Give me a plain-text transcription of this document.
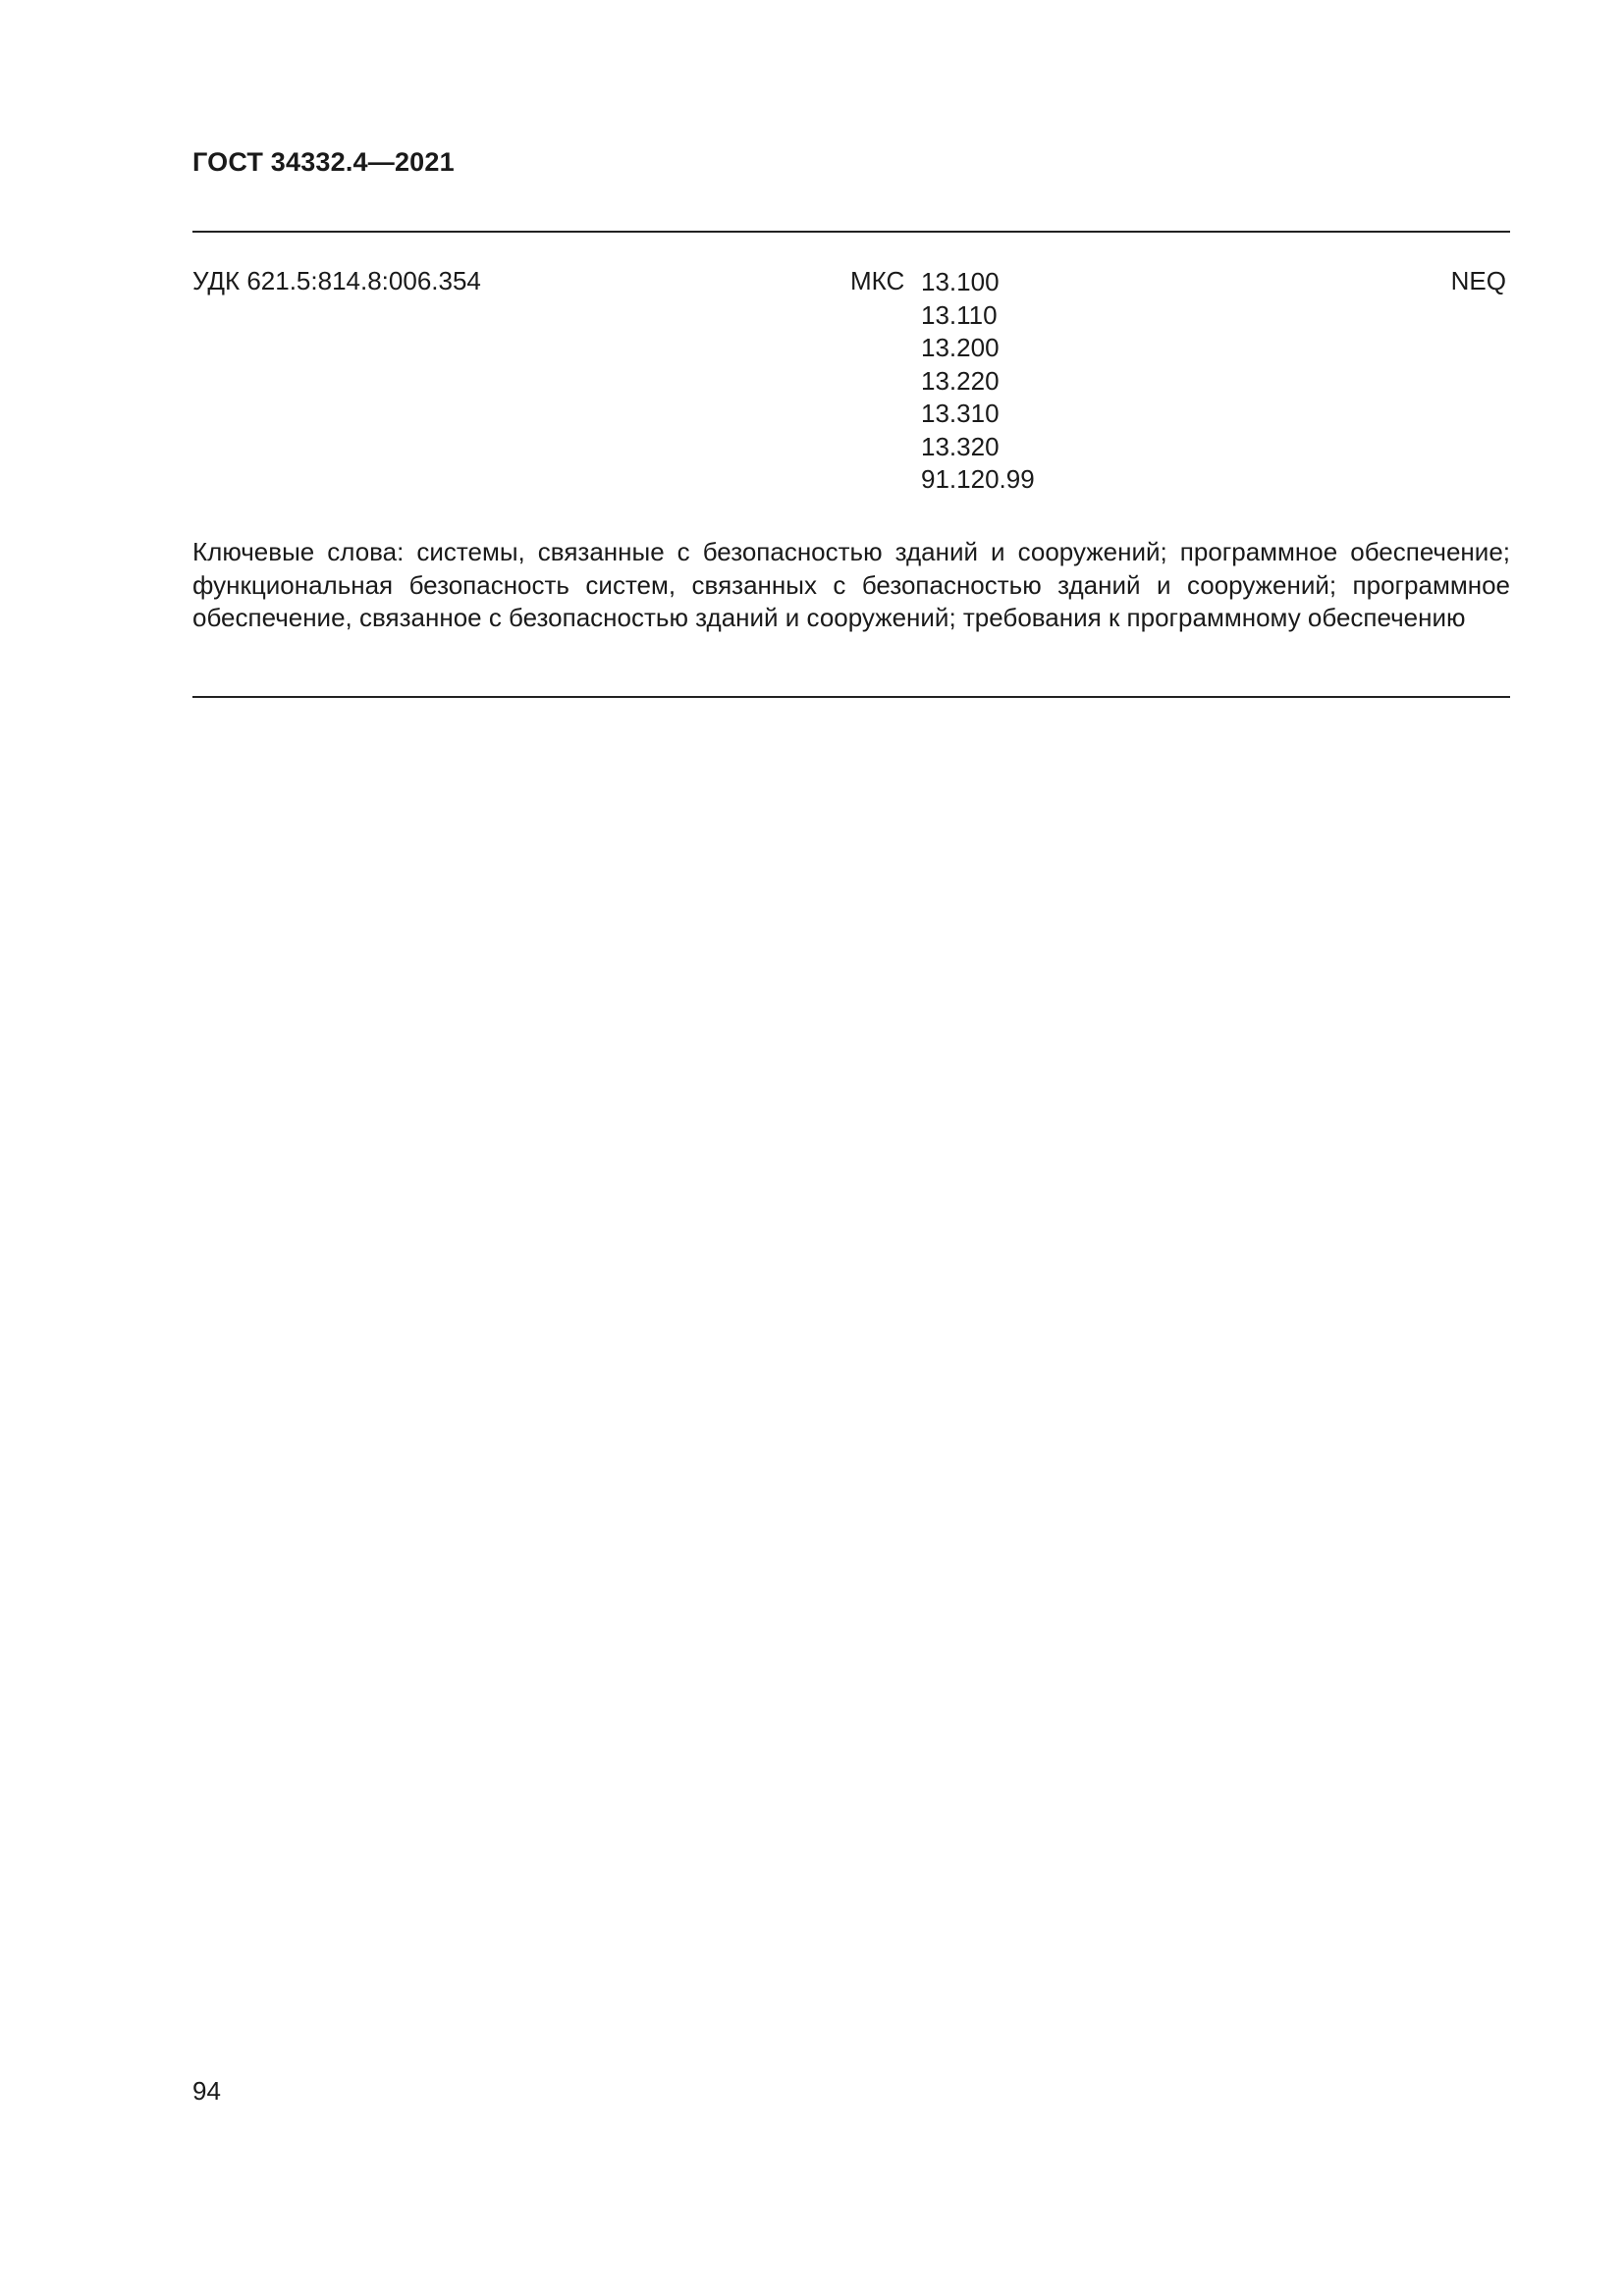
ГОСТ 34332.4—2021
УДК 621.5:814.8:006.354	МКС 13.100
13.110
13.200
13.220
13.310
13.320
91.120.99
NEQ
Ключевые слова: системы, связанные с безопасностью зданий и сооружений; программное обеспечение; функциональная безопасность систем, связанных с безопасностью зданий и сооружений; программное обеспечение, связанное с безопасностью зданий и сооружений; требования к программному обеспечению
94
